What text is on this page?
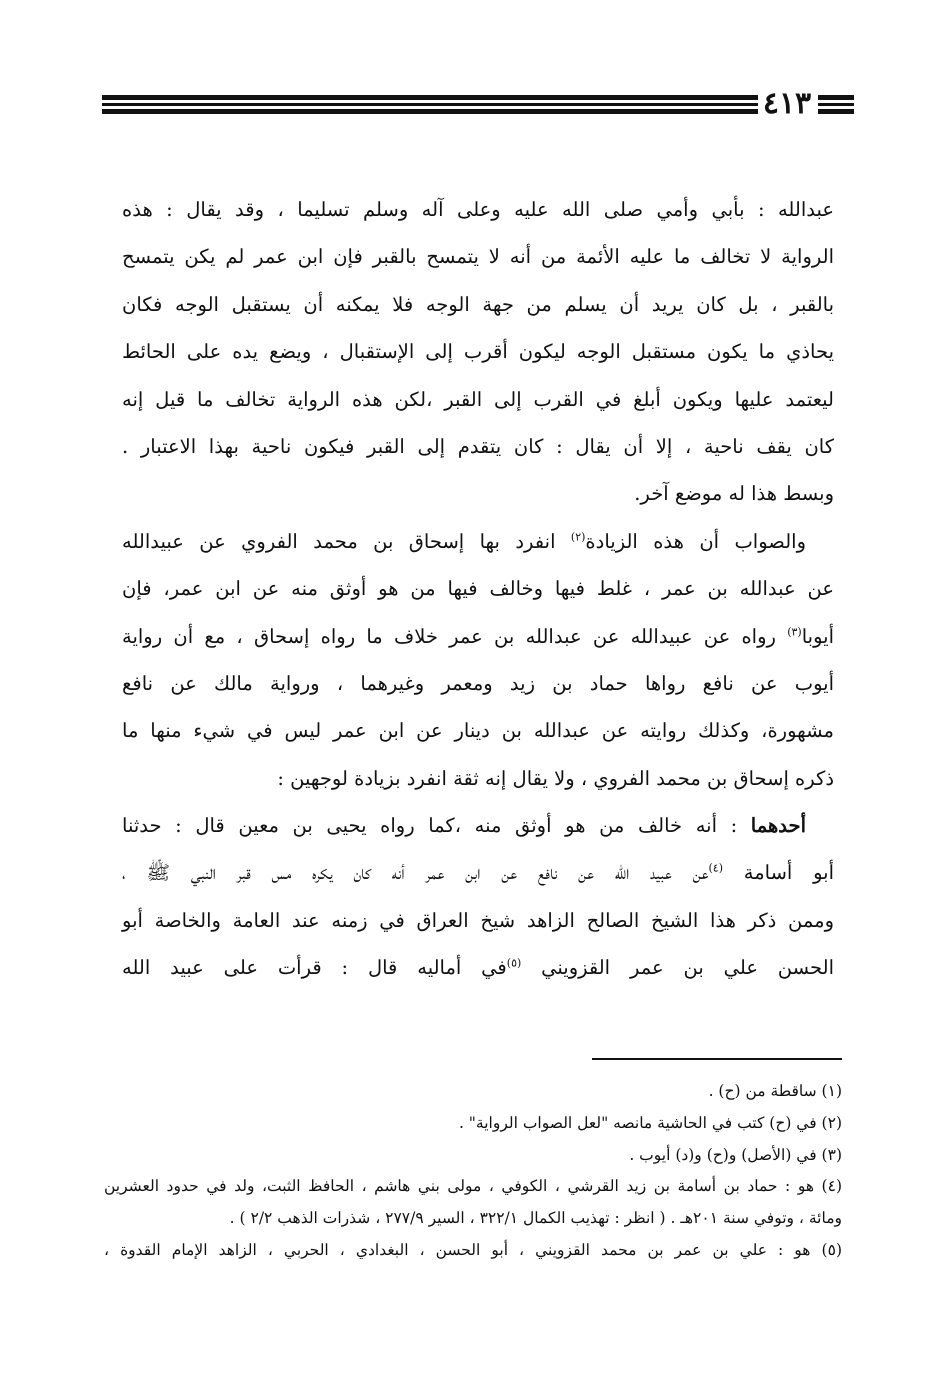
٤١٣
عبدالله : بأبي وأمي صلى الله عليه وعلى آله وسلم تسليما ، وقد يقال : هذه
الرواية لا تخالف ما عليه الأئمة من أنه لا يتمسح بالقبر فإن ابن عمر لم يكن يتمسح
بالقبر ، بل كان يريد أن يسلم من جهة الوجه فلا يمكنه أن يستقبل الوجه فكان
يحاذي ما يكون مستقبل الوجه ليكون أقرب إلى الإستقبال ، ويضع يده على الحائط
ليعتمد عليها ويكون أبلغ في القرب إلى القبر ،لكن هذه الرواية تخالف ما قيل إنه
كان يقف ناحية ، إلا أن يقال : كان يتقدم إلى القبر فيكون ناحية بهذا الاعتبار .
وبسط هذا له موضع آخر.
والصواب أن هذه الزيادة$^{(٢)}$ انفرد بها إسحاق بن محمد الفروي عن عبيدالله
عن عبدالله بن عمر ، غلط فيها وخالف فيها من هو أوثق منه عن ابن عمر، فإن
أيوبا$^{(٣)}$ رواه عن عبيدالله عن عبدالله بن عمر خلاف ما رواه إسحاق ، مع أن رواية
أيوب عن نافع رواها حماد بن زيد ومعمر وغيرهما ، ورواية مالك عن نافع
مشهورة، وكذلك روايته عن عبدالله بن دينار عن ابن عمر ليس في شيء منها ما
ذكره إسحاق بن محمد الفروي ، ولا يقال إنه ثقة انفرد بزيادة لوجهين :
أحدهما : أنه خالف من هو أوثق منه ،كما رواه يحيى بن معين قال : حدثنا
أبو أسامة $^{(٤)}$عن عبيد الله عن نافع عن ابن عمر أنه كان يكره مس قبر النبي ﷺ ،
وممن ذكر هذا الشيخ الصالح الزاهد شيخ العراق في زمنه عند العامة والخاصة أبو
الحسن علي بن عمر القزويني $^{(٥)}$في أماليه قال : قرأت على عبيد الله
(١) ساقطة من (ح) .
(٢) في (ح) كتب في الحاشية مانصه "لعل الصواب الرواية" .
(٣) في (الأصل) و(ح) و(د) أيوب .
(٤) هو : حماد بن أسامة بن زيد القرشي ، الكوفي ، مولى بني هاشم ، الحافظ الثبت، ولد في حدود العشرين
ومائة ، وتوفي سنة ٢٠١هـ . ( انظر : تهذيب الكمال ٣٢٢/١ ، السير ٢٧٧/٩ ، شذرات الذهب ٢/٢ ) .
(٥) هو : علي بن عمر بن محمد القزويني ، أبو الحسن ، البغدادي ، الحربي ، الزاهد الإمام القدوة ،
